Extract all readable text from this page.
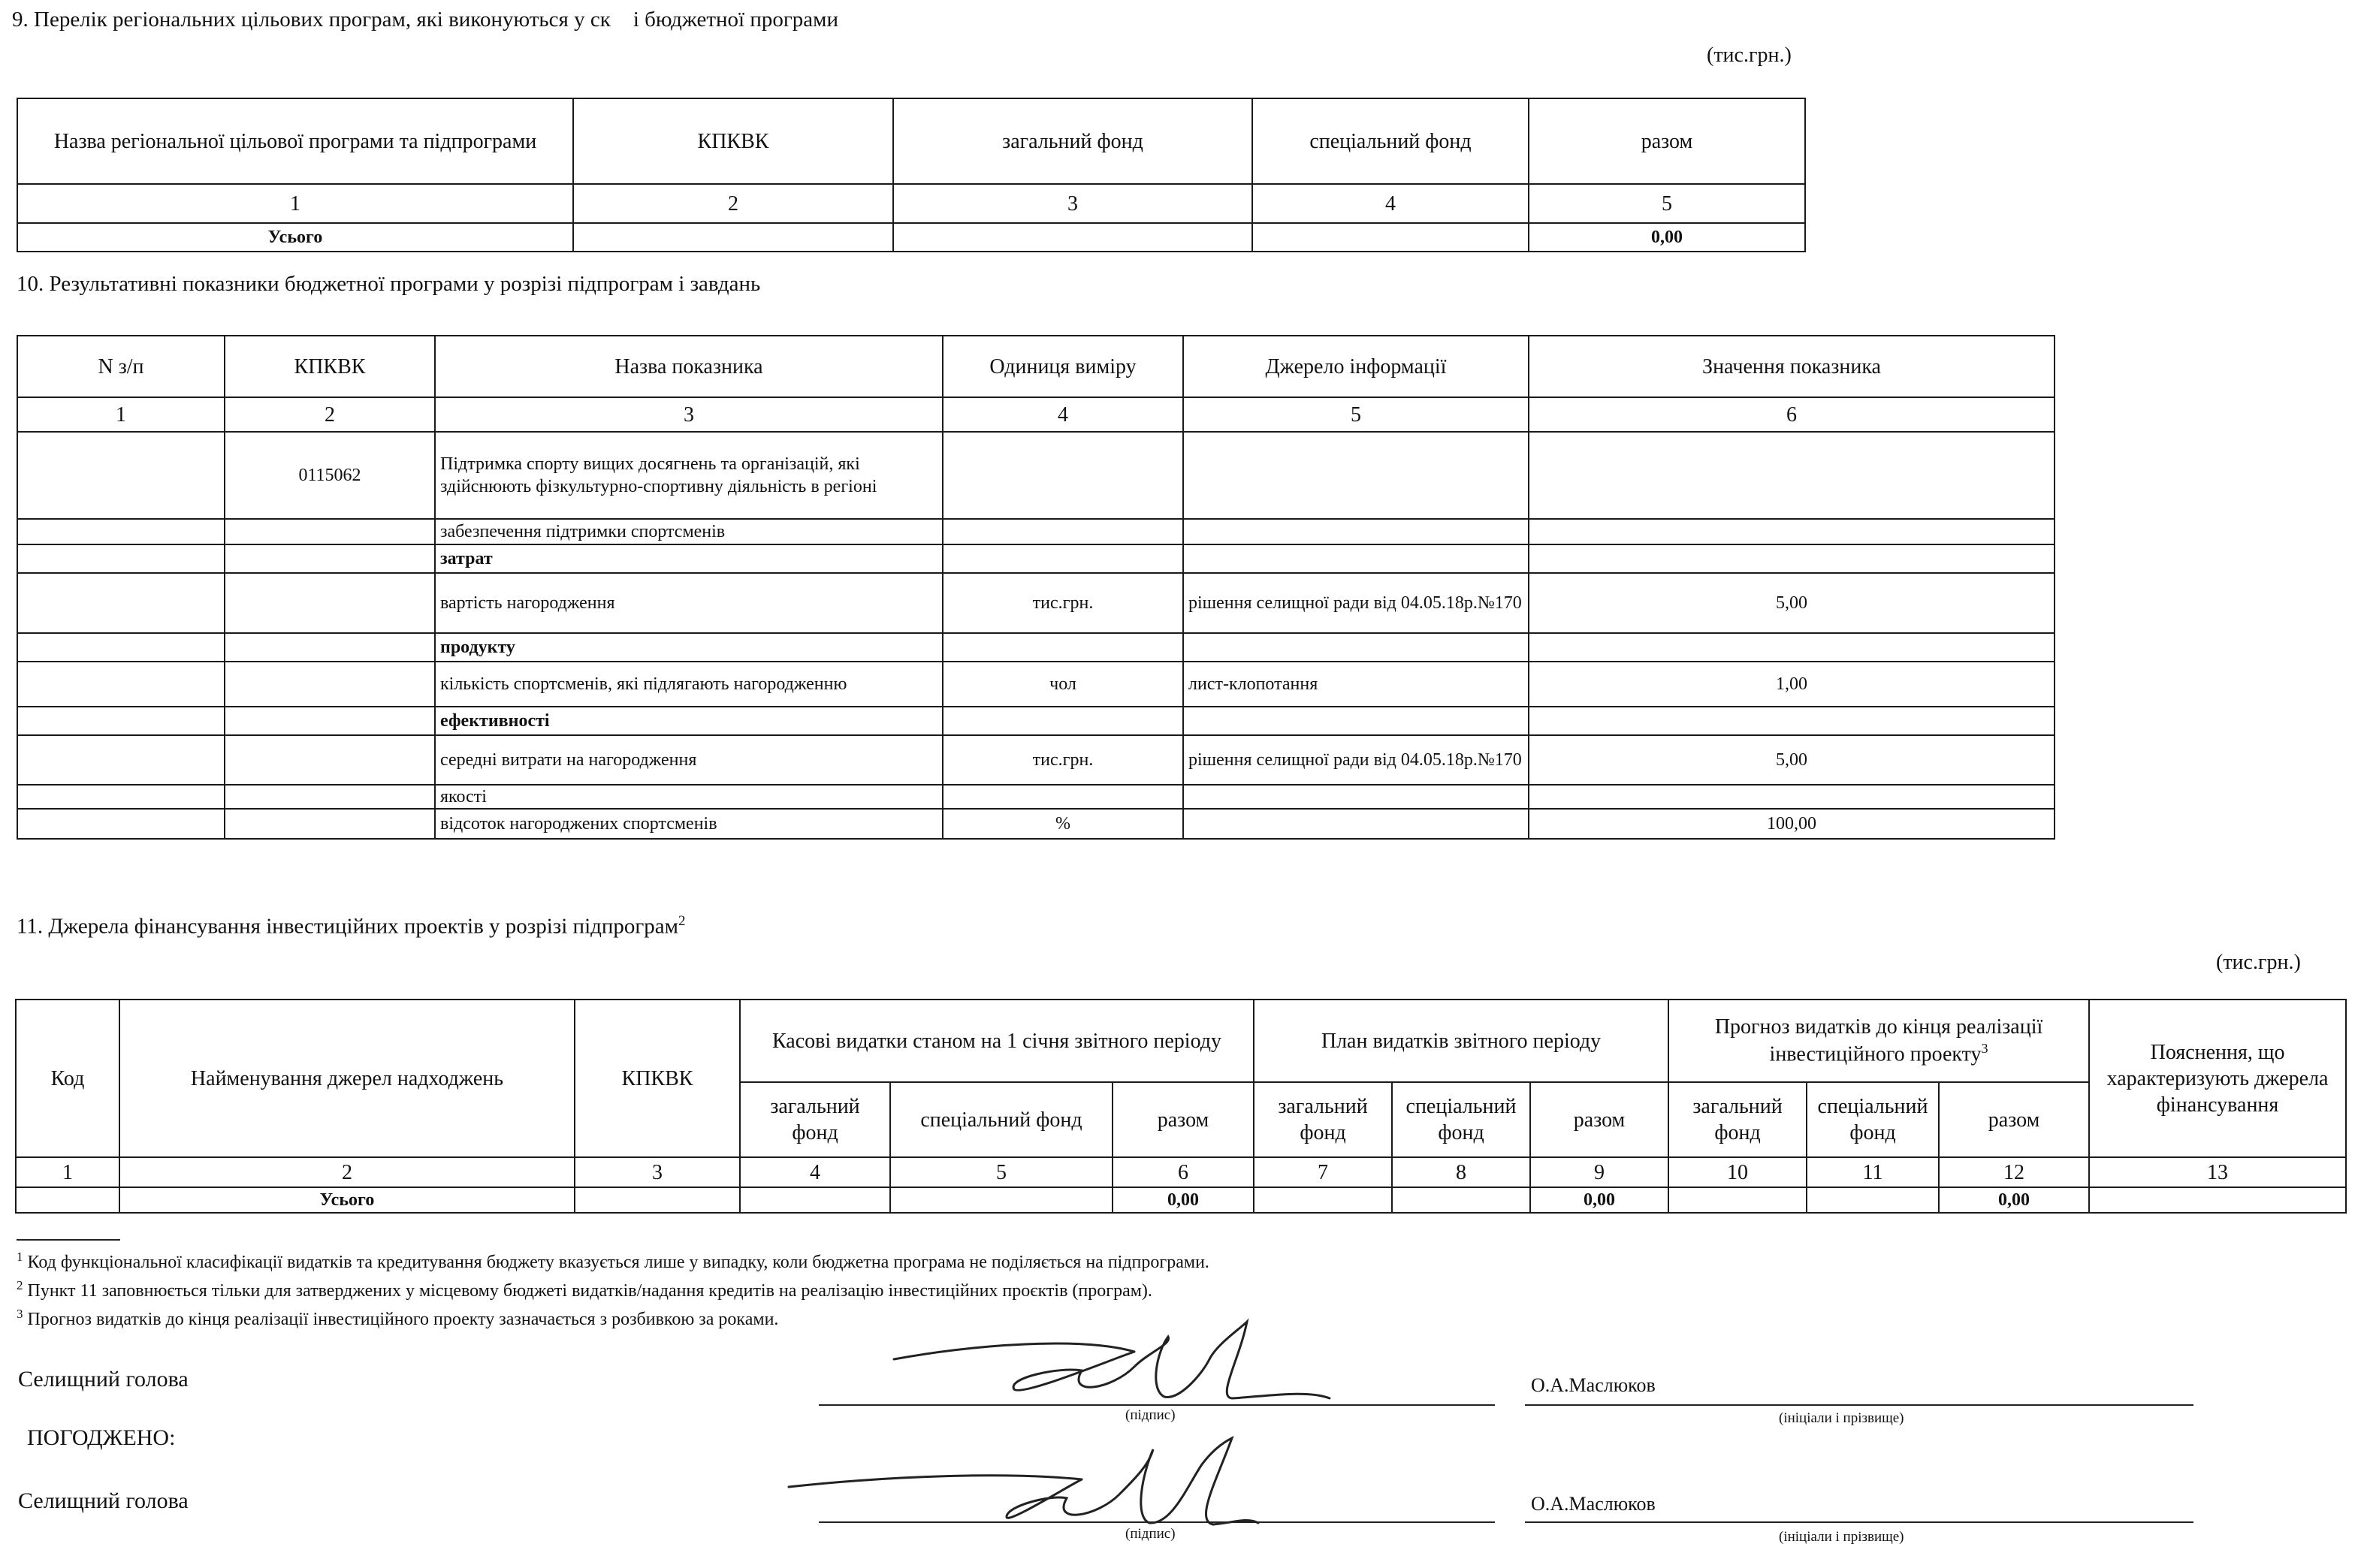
9. Перелік регіональних цільових програм, які виконуються у ск і бюджетної програми
(тис.грн.)
Назва регіональної цільової програми та підпрограми	КПКВК	загальний фонд	спеціальний фонд	разом
1	2	3	4	5
Усього				0,00
10. Результативні показники бюджетної програми у розрізі підпрограм і завдань
N з/п	КПКВК	Назва показника	Одиниця виміру	Джерело інформації	Значення показника
1	2	3	4	5	6
	0115062	Підтримка спорту вищих досягнень та організацій, які здійснюють фізкультурно-спортивну діяльність в регіоні			
		забезпечення підтримки спортсменів			
		затрат			
		вартість нагородження	тис.грн.	рішення селищної ради від 04.05.18р.№170	5,00
		продукту			
		кількість спортсменів, які підлягають нагородженню	чол	лист-клопотання	1,00
		ефективності			
		середні витрати на нагородження	тис.грн.	рішення селищної ради від 04.05.18р.№170	5,00
		якості			
		відсоток нагороджених спортсменів	%		100,00
11. Джерела фінансування інвестиційних проектів у розрізі підпрограм$^2$
(тис.грн.)
Код	Найменування джерел надходжень	КПКВК	Касові видатки станом на 1 січня звітного періоду			План видатків звітного періоду			Прогноз видатків до кінця реалізації інвестиційного проекту$^3$			Пояснення, що характеризують джерела фінансування
			загальний фонд	спеціальний фонд	разом	загальний фонд	спеціальний фонд	разом	загальний фонд	спеціальний фонд	разом	
1	2	3	4	5	6	7	8	9	10	11	12	13
	Усього				0,00			0,00			0,00	
$^1$ Код функціональної класифікації видатків та кредитування бюджету вказується лише у випадку, коли бюджетна програма не поділяється на підпрограми.
$^2$ Пункт 11 заповнюється тільки для затверджених у місцевому бюджеті видатків/надання кредитів на реалізацію інвестиційних проєктів (програм).
$^3$ Прогноз видатків до кінця реалізації інвестиційного проекту зазначається з розбивкою за роками.
Селищний голова
ПОГОДЖЕНО:
Селищний голова
(підпис)
О.А.Маслюков
(ініціали і прізвище)
(підпис)
О.А.Маслюков
(ініціали і прізвище)
